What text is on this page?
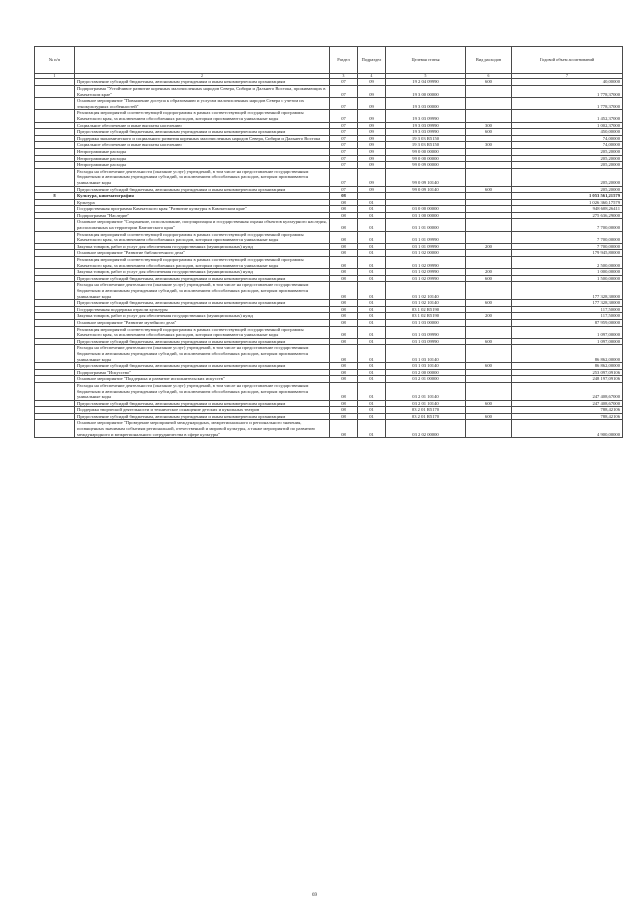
№ п/п		Раздел	Подраздел	Целевая статья	Вид расходов	Годовой объем ассигнований
1	2	3	4	5	6	7
	Предоставление субсидий бюджетным, автономным учреждениям и иным некоммерческим организациям	07	09	19 2 04 09990	600	40,00000
	Подпрограмма "Устойчивое развитие коренных малочисленных народов Севера, Сибири и Дальнего Востока, проживающих в Камчатском крае"	07	09	19 3 00 00000		1 778,37000
	Основное мероприятие "Повышение доступа к образованию и услугам малочисленных народов Севера с учетом их этнокультурных особенностей"	07	09	19 3 03 00000		1 778,37000
	Реализация мероприятий соответствующей подпрограммы в рамках соответствующей государственной программы Камчатского края, за исключением обособленных расходов, которым присваиваются уникальные коды	07	09	19 3 03 09990		1 452,37000
	Социальное обеспечение и иные выплаты населению	07	09	19 3 03 09990	300	1 002,37000
	Предоставление субсидий бюджетным, автономным учреждениям и иным некоммерческим организациям	07	09	19 3 03 09990	600	450,00000
	Поддержка экономического и социального развития коренных малочисленных народов Севера, Сибири и Дальнего Востока	07	09	19 3 03 R5150		74,00000
	Социальное обеспечение и иные выплаты населению	07	09	19 3 03 R5150	300	74,00000
	Непрограммные расходы	07	09	99 0 00 00000		205,20000
	Непрограммные расходы	07	09	99 0 00 00000		205,20000
	Непрограммные расходы	07	09	99 0 09 00000		205,20000
	Расходы на обеспечение деятельности (оказание услуг) учреждений, в том числе на предоставление государственным бюджетным и автономным учреждениям субсидий, за исключением обособленных расходов, которым присваиваются уникальные коды	07	09	99 0 09 10140		205,20000
	Предоставление субсидий бюджетным, автономным учреждениям и иным некоммерческим организациям	07	09	99 0 09 10140	600	205,20000
8	Культура, кинематография	08				1 053 561,21579
	Культура	08	01			1 026 360,17579
	Государственная программа Камчатского края "Развитие культуры в Камчатском крае"	08	01	03 0 00 00000		948 608,26411
	Подпрограмма "Наследие"	08	01	03 1 00 00000		275 636,29000
	Основное мероприятие "Сохранение, использование, популяризация и государственная охрана объектов культурного наследия, расположенных на территории Камчатского края"	08	01	03 1 01 00000		7 700,00000
	Реализация мероприятий соответствующей подпрограммы в рамках соответствующей государственной программы Камчатского края, за исключением обособленных расходов, которым присваиваются уникальные коды	08	01	03 1 01 09990		7 700,00000
	Закупка товаров, работ и услуг для обеспечения государственных (муниципальных) нужд	08	01	03 1 01 09990	200	7 700,00000
	Основное мероприятие "Развитие библиотечного дела"	08	01	03 1 02 00000		179 945,80000
	Реализация мероприятий соответствующей подпрограммы в рамках соответствующей государственной программы Камчатского края, за исключением обособленных расходов, которым присваиваются уникальные коды	08	01	03 1 02 09990		2 500,00000
	Закупка товаров, работ и услуг для обеспечения государственных (муниципальных) нужд	08	01	03 1 02 09990	200	1 000,00000
	Предоставление субсидий бюджетным, автономным учреждениям и иным некоммерческим организациям	08	01	03 1 02 09990	600	1 500,00000
	Расходы на обеспечение деятельности (оказание услуг) учреждений, в том числе на предоставление государственным бюджетным и автономным учреждениям субсидий, за исключением обособленных расходов, которым присваиваются уникальные коды	08	01	03 1 02 10140		177 328,30000
	Предоставление субсидий бюджетным, автономным учреждениям и иным некоммерческим организациям	08	01	03 1 02 10140	600	177 328,30000
	Государственная поддержка отрасли культуры	08	01	03 1 02 R5190		117,50000
	Закупка товаров, работ и услуг для обеспечения государственных (муниципальных) нужд	08	01	03 1 02 R5190	200	117,50000
	Основное мероприятие "Развитие музейного дела"	08	01	03 1 03 00000		87 959,00000
	Реализация мероприятий соответствующей подпрограммы в рамках соответствующей государственной программы Камчатского края, за исключением обособленных расходов, которым присваиваются уникальные коды	08	01	03 1 03 09990		1 097,00000
	Предоставление субсидий бюджетным, автономным учреждениям и иным некоммерческим организациям	08	01	03 1 03 09990	600	1 097,00000
	Расходы на обеспечение деятельности (оказание услуг) учреждений, в том числе на предоставление государственным бюджетным и автономным учреждениям субсидий, за исключением обособленных расходов, которым присваиваются уникальные коды	08	01	03 1 03 10140		86 862,00000
	Предоставление субсидий бюджетным, автономным учреждениям и иным некоммерческим организациям	08	01	03 1 03 10140	600	86 862,00000
	Подпрограмма "Искусство"	08	01	03 2 00 00000		253 097,09106
	Основное мероприятие "Поддержка и развитие исполнительских искусств"	08	01	03 2 01 00000		248 197,09106
	Расходы на обеспечение деятельности (оказание услуг) учреждений, в том числе на предоставление государственным бюджетным и автономным учреждениям субсидий, за исключением обособленных расходов, которым присваиваются уникальные коды	08	01	03 2 01 10140		247 408,67000
	Предоставление субсидий бюджетным, автономным учреждениям и иным некоммерческим организациям	08	01	03 2 01 10140	600	247 408,67000
	Поддержка творческой деятельности и техническое оснащение детских и кукольных театров	08	01	03 2 01 R5170		788,42106
	Предоставление субсидий бюджетным, автономным учреждениям и иным некоммерческим организациям	08	01	03 2 01 R5170	600	788,42106
	Основное мероприятие "Проведение мероприятий международных, межрегионального и регионального значения, посвященных значимым событиям региональной, отечественной и мировой культуры, а также мероприятий по развитию международного и межрегионального сотрудничества в сфере культуры"	08	01	03 2 02 00000		4 900,00000
69
